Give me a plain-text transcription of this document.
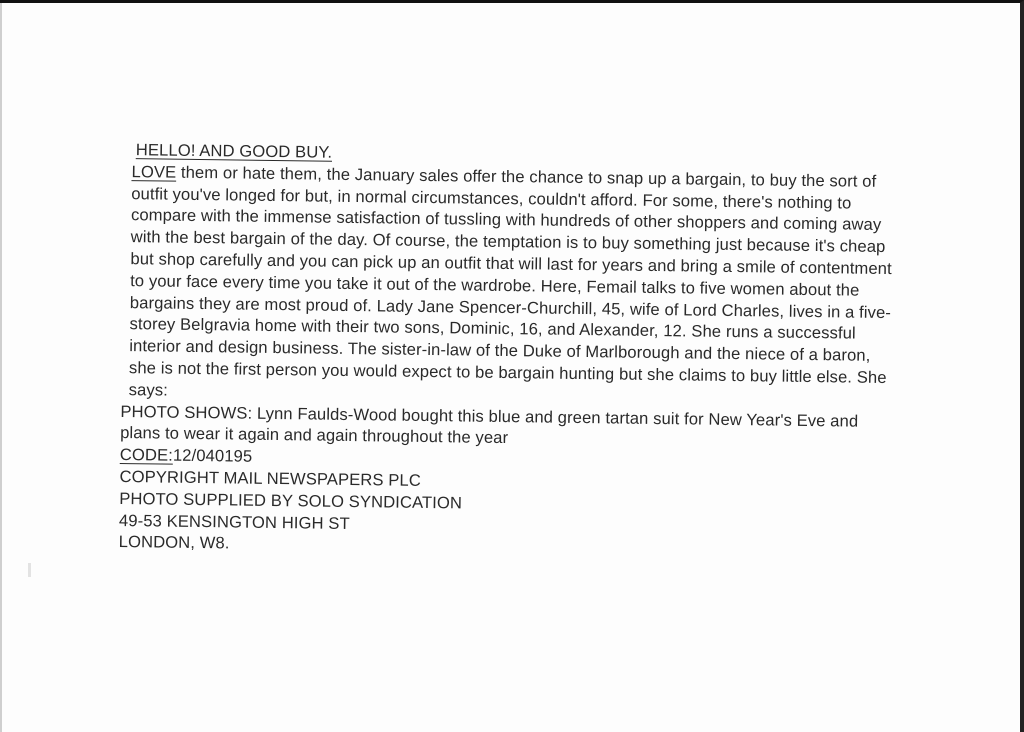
HELLO! AND GOOD BUY.

LOVE them or hate them, the January sales offer the chance to snap up a bargain, to buy the sort of outfit you've longed for but, in normal circumstances, couldn't afford. For some, there's nothing to compare with the immense satisfaction of tussling with hundreds of other shoppers and coming away with the best bargain of the day. Of course, the temptation is to buy something just because it's cheap but shop carefully and you can pick up an outfit that will last for years and bring a smile of contentment to your face every time you take it out of the wardrobe. Here, Femail talks to five women about the bargains they are most proud of. Lady Jane Spencer-Churchill, 45, wife of Lord Charles, lives in a five-storey Belgravia home with their two sons, Dominic, 16, and Alexander, 12. She runs a successful interior and design business. The sister-in-law of the Duke of Marlborough and the niece of a baron, she is not the first person you would expect to be bargain hunting but she claims to buy little else. She says:

PHOTO SHOWS: Lynn Faulds-Wood bought this blue and green tartan suit for New Year's Eve and plans to wear it again and again throughout the year

CODE:12/040195

COPYRIGHT MAIL NEWSPAPERS PLC

PHOTO SUPPLIED BY SOLO SYNDICATION

49-53 KENSINGTON HIGH ST

LONDON, W8.
